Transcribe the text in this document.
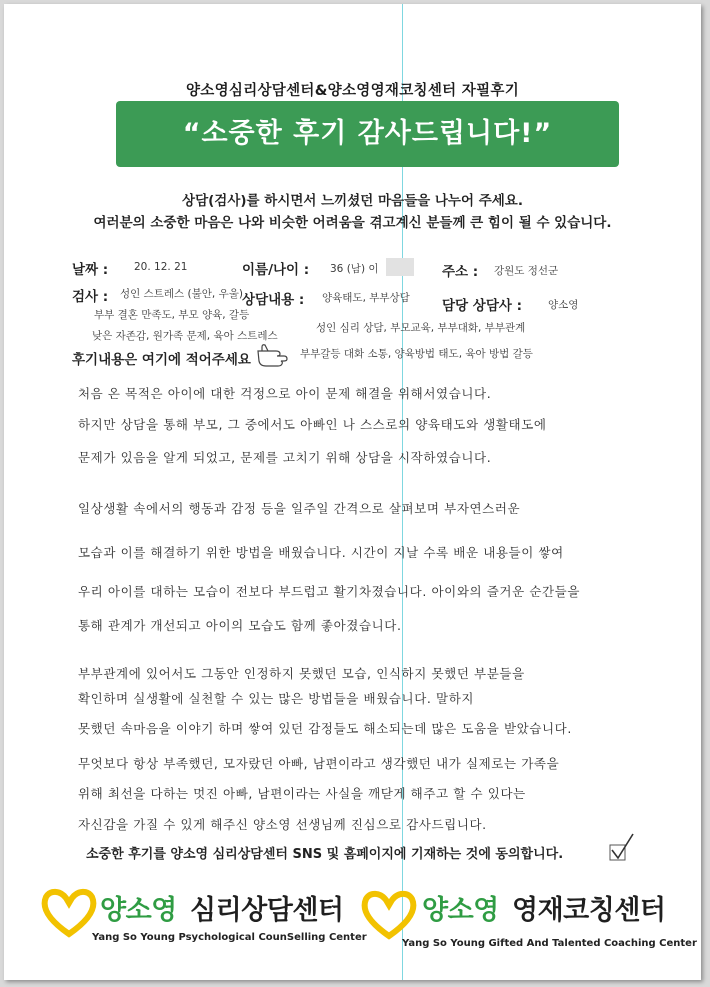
양소영심리상담센터&양소영영재코칭센터 자필후기
“소중한 후기 감사드립니다!”
상담(검사)를 하시면서 느끼셨던 마음들을 나누어 주세요.
여러분의 소중한 마음은 나와 비슷한 어려움을 겪고계신 분들께 큰 힘이 될 수 있습니다.
날짜 : 20. 12. 21	이름/나이 : 36 (남) 이	주소 : 강원도 정선군
검사 : 성인 스트레스 (불안, 우울)
부부 결혼 만족도, 부모 양육, 갈등
낮은 자존감, 원가족 문제, 육아 스트레스
상담내용 : 양육태도, 부부상담
성인 심리 상담, 부모교육, 부부대화, 부부관계
부부갈등 대화 소통, 양육방법 태도, 육아 방법 갈등
담당 상담사 : 양소영
후기내용은 여기에 적어주세요
처음 온 목적은 아이에 대한 걱정으로 아이 문제 해결을 위해서였습니다.
하지만 상담을 통해 부모, 그 중에서도 아빠인 나 스스로의 양육태도와 생활태도에
문제가 있음을 알게 되었고, 문제를 고치기 위해 상담을 시작하였습니다.
일상생활 속에서의 행동과 감정 등을 일주일 간격으로 살펴보며 부자연스러운
모습과 이를 해결하기 위한 방법을 배웠습니다. 시간이 지날 수록 배운 내용들이 쌓여
우리 아이를 대하는 모습이 전보다 부드럽고 활기차졌습니다. 아이와의 즐거운 순간들을
통해 관계가 개선되고 아이의 모습도 함께 좋아졌습니다.
부부관계에 있어서도 그동안 인정하지 못했던 모습, 인식하지 못했던 부분들을
확인하며 실생활에 실천할 수 있는 많은 방법들을 배웠습니다. 말하지
못했던 속마음을 이야기 하며 쌓여 있던 감정들도 해소되는데 많은 도움을 받았습니다.
무엇보다 항상 부족했던, 모자랐던 아빠, 남편이라고 생각했던 내가 실제로는 가족을
위해 최선을 다하는 멋진 아빠, 남편이라는 사실을 깨닫게 해주고 할 수 있다는
자신감을 가질 수 있게 해주신 양소영 선생님께 진심으로 감사드립니다.
소중한 후기를 양소영 심리상담센터 SNS 및 홈페이지에 기재하는 것에 동의합니다.
양소영 심리상담센터
Yang So Young Psychological CounSelling Center
양소영 영재코칭센터
Yang So Young Gifted And Talented Coaching Center
